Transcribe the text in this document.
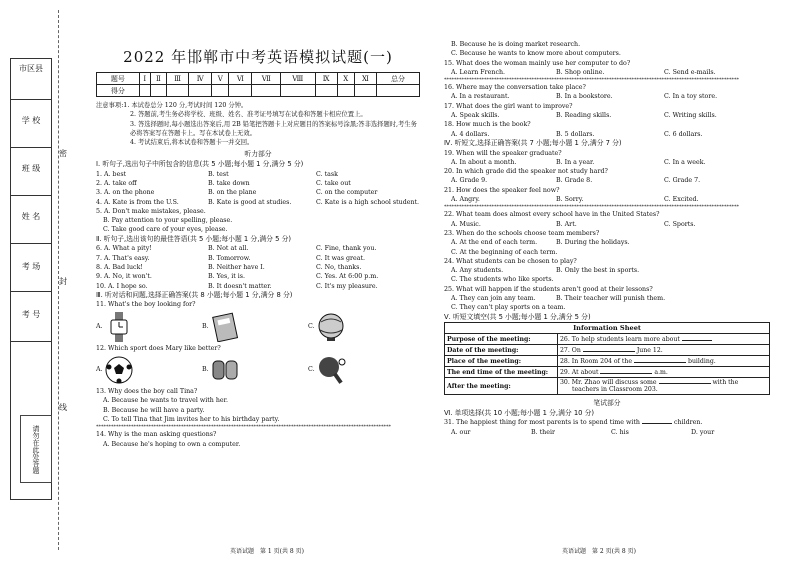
市区县
学 校
班 级
姓 名
考 场
考 号
请勿在此处答题
密
封
线
2022 年邯郸市中考英语模拟试题(一)
题号	Ⅰ	Ⅱ	Ⅲ	Ⅳ	Ⅴ	Ⅵ	Ⅶ	Ⅷ	Ⅸ	Ⅹ	Ⅺ	总分
得分												
注意事项:1. 本试卷总分 120 分,考试时间 120 分钟。
2. 答题前,考生务必将学校、班级、姓名、准考证号填写在试卷和答题卡相应位置上。
3. 答选择题时,每小题选出答案后,用 2B 铅笔把答题卡上对应题目的答案标号涂黑;答非选择题时,考生务必将答案写在答题卡上。写在本试卷上无效。
4. 考试结束后,将本试卷和答题卡一并交回。
听力部分
Ⅰ. 听句子,选出句子中所包含的信息(共 5 小题;每小题 1 分,满分 5 分)
1. A. best	B. test	C. task
2. A. take off	B. take down	C. take out
3. A. on the phone	B. on the plane	C. on the computer
4. A. Kate is from the U.S.	B. Kate is good at studies.	C. Kate is a high school student.
5. A. Don't make mistakes, please.
B. Pay attention to your spelling, please.
C. Take good care of your eyes, please.
Ⅱ. 听句子,选出该句的最佳答语(共 5 小题;每小题 1 分,满分 5 分)
6. A. What a pity!	B. Not at all.	C. Fine, thank you.
7. A. That's easy.	B. Tomorrow.	C. It was great.
8. A. Bad luck!	B. Neither have I.	C. No, thanks.
9. A. No, it won't.	B. Yes, it is.	C. Yes. At 6:00 p.m.
10. A. I hope so.	B. It doesn't matter.	C. It's my pleasure.
Ⅲ. 听对话和问题,选择正确答案(共 8 小题;每小题 1 分,满分 8 分)
11. What's the boy looking for?
A.	B.	C.
12. Which sport does Mary like better?
A.	B.	C.
13. Why does the boy call Tina?
A. Because he wants to travel with her.
B. Because he will have a party.
C. To tell Tina that Jim invites her to his birthday party.
**********************************************************************************************************************
14. Why is the man asking questions?
A. Because he's hoping to own a computer.
B. Because he is doing market research.
C. Because he wants to know more about computers.
15. What does the woman mainly use her computer to do?
A. Learn French.	B. Shop online.	C. Send e-mails.
**********************************************************************************************************************
16. Where may the conversation take place?
A. In a restaurant.	B. In a bookstore.	C. In a toy store.
17. What does the girl want to improve?
A. Speak skills.	B. Reading skills.	C. Writing skills.
18. How much is the book?
A. 4 dollars.	B. 5 dollars.	C. 6 dollars.
Ⅳ. 听短文,选择正确答案(共 7 小题;每小题 1 分,满分 7 分)
19. When will the speaker graduate?
A. In about a month.	B. In a year.	C. In a week.
20. In which grade did the speaker not study hard?
A. Grade 9.	B. Grade 8.	C. Grade 7.
21. How does the speaker feel now?
A. Angry.	B. Sorry.	C. Excited.
**********************************************************************************************************************
22. What team does almost every school have in the United States?
A. Music.	B. Art.	C. Sports.
23. When do the schools choose team members?
A. At the end of each term.	B. During the holidays.
C. At the beginning of each term.
24. What students can be chosen to play?
A. Any students.	B. Only the best in sports.
C. The students who like sports.
25. What will happen if the students aren't good at their lessons?
A. They can join any team.	B. Their teacher will punish them.
C. They can't play sports on a team.
Ⅴ. 听短文填空(共 5 小题;每小题 1 分,满分 5 分)
Information Sheet	
Purpose of the meeting:	26. To help students learn more about
Date of the meeting:	27. On June 12.
Place of the meeting:	28. In Room 204 of the building.
The end time of the meeting:	29. At about a.m.
After the meeting:	30. Mr. Zhao will discuss some with the
teachers in Classroom 203.
笔试部分
Ⅵ. 单项选择(共 10 小题;每小题 1 分,满分 10 分)
31. The happiest thing for most parents is to spend time with	children.
A. our	B. their	C. his	D. your
英语试题　第 1 页(共 8 页)	英语试题　第 2 页(共 8 页)
